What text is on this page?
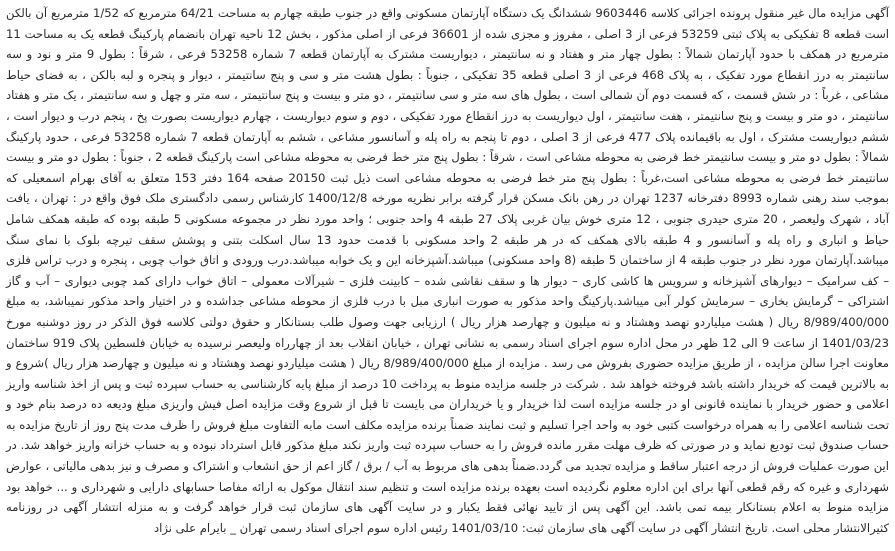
آگهی مزایده مال غیر منقول پرونده اجرائی کلاسه 9603446 ششدانگ یک دستگاه آپارتمان مسکونی واقع در جنوب طبقه چهارم به مساحت 64/21 مترمربع که 1/52 مترمربع آن بالکن است قطعه 8 تفکیکی به پلاک ثبتی 53259 فرعی از 3 اصلی ، مفروز و مجزی شده از 36601 فرعی از اصلی مذکور ، بخش 12 ناحیه تهران بانضمام پارکینگ قطعه یک به مساحت 11 مترمربع در همکف با حدود آپارتمان شمالاً : بطول چهار متر و هفتاد و نه سانتیمتر ، دیواریست مشترک به آپارتمان قطعه 7 شماره 53258 فرعی ، شرقاً : بطول 9 متر و نود و سه سانتیمتر به درز انقطاع مورد تفکیک ، به پلاک 468 فرعی از 3 اصلی قطعه 35 تفکیکی ، جنوباً : بطول هشت متر و سی و پنج سانتیمتر ، دیوار و پنجره و لبه بالکن ، به فضای حیاط مشاعی ، غرباً : در شش قسمت ، که قسمت دوم آن شمالی است ، بطول های سه متر و سی سانتیمتر ، دو متر و بیست و پنج سانتیمتر ، سه متر و چهل و سه سانتیمتر ، یک متر و هفتاد سانتیمتر ، دو متر و بیست و پنج سانتیمتر ، هفت سانتیمتر ، اول دیواریست به درز انقطاع مورد تفکیکی ، دوم و سوم دیواریست ، چهارم دیواریست بصورت پخ ، پنجم درب و دیوار است ، ششم دیواریست مشترک ، اول به باقیمانده پلاک 477 فرعی از 3 اصلی ، دوم تا پنجم به راه پله و آسانسور مشاعی ، ششم به آپارتمان قطعه 7 شماره 53258 فرعی ، حدود پارکینگ شمالاً : بطول دو متر و بیست سانتیمتر خط فرضی به محوطه مشاعی است ، شرقاً : بطول پنج متر خط فرضی به محوطه مشاعی است پارکینگ قطعه 2 ، جنوباً : بطول دو متر و بیست سانتیمتر خط فرضی به محوطه مشاعی است،غرباً : بطول پنج متر خط فرضی به محوطه مشاعی است ذیل ثبت 20150 صفحه 164 دفتر 153 متعلق به آقای بهرام اسمعیلی که بموجب سند رهنی شماره 8993 دفترخانه 1237 تهران در رهن بانک مسکن قرار گرفته برابر نظریه مورخه 1400/12/8 کارشناس رسمی دادگستری ملک فوق واقع در : تهران ، یافت آباد ، شهرک ولیعصر ، 20 متری حیدری جنوبی ، 12 متری خوش بیان غربی پلاک 27 طبقه 4 واحد جنوبی ؛ واحد مورد نظر در مجموعه مسکونی 5 طبقه بوده که طبقه همکف شامل حیاط و انباری و راه پله و آسانسور و 4 طبقه بالای همکف که در هر طبقه 2 واحد مسکونی با قدمت حدود 13 سال اسکلت بتنی و پوشش سقف تیرچه بلوک با نمای سنگ میباشد.آپارتمان مورد نظر در جنوب طبقه 4 از ساختمان 5 طبقه (8 واحد مسکونی) میباشد.آشپزخانه این و یک خوابه میباشد.درب ورودی و اتاق خواب چوبی ، پنجره و درب تراس فلزی – کف سرامیک – دیوارهای آشپزخانه و سرویس ها کاشی کاری – دیوار ها و سقف نقاشی شده – کابینت فلزی – شیرآلات معمولی – اتاق خواب دارای کمد چوبی دیواری – آب و گاز اشتراکی – گرمایش بخاری – سرمایش کولر آبی میباشد.پارکینگ واحد مذکور به صورت انباری مبل با درب فلزی از محوطه مشاعی جداشده و در اختیار واحد مذکور نمیباشد، به مبلغ 8/989/400/000 ریال ( هشت میلیاردو نهصد وهشتاد و نه میلیون و چهارصد هزار ریال ) ارزیابی جهت وصول طلب بستانکار و حقوق دولتی کلاسه فوق الذکر در روز دوشنبه مورخ 1401/03/23 از ساعت 9 الی 12 ظهر در محل اداره سوم اجرای اسناد رسمی به نشانی تهران ، خیابان انقلاب بعد از چهارراه ولیعصر نرسیده به خیابان فلسطین پلاک 919 ساختمان معاونت اجرا سالن مزایده ، از طریق مزایده حضوری بفروش می رسد . مزایده از مبلغ 8/989/400/000 ریال ( هشت میلیاردو نهصد وهشتاد و نه میلیون و چهارصد هزار ریال )شروع و به بالاترین قیمت که خریدار داشته باشد فروخته خواهد شد . شرکت در جلسه مزایده منوط به پرداخت 10 درصد از مبلغ پایه کارشناسی به حساب سپرده ثبت و پس از اخذ شناسه واریز اعلامی و حضور خریدار با نماینده قانونی او در جلسه مزایده است لذا خریدار و یا خریداران می بایست تا قبل از شروع وقت مزایده اصل فیش واریزی مبلغ ودیعه ده درصد بنام خود و تحت شناسه اعلامی را به همراه درخواست کتبی خود به واحد اجرا تسلیم و ثبت نمایند ضمناً برنده مزایده مکلف است مابه التفاوت مبلغ فروش را ظرف مدت پنج روز از تاریخ مزایده به حساب صندوق ثبت تودیع نماید و در صورتی که ظرف مهلت مقرر مانده فروش را به حساب سپرده ثبت واریز نکند مبلغ مذکور قابل استرداد نبوده و به حساب خزانه واریز خواهد شد. در این صورت عملیات فروش از درجه اعتبار ساقط و مزایده تجدید می گردد.ضمناً بدهی های مربوط به آب / برق / گاز اعم از حق انشعاب و اشتراک و مصرف و نیز بدهی مالیاتی ، عوارض شهرداری و غیره که رقم قطعی آنها برای این اداره معلوم نگردیده است بعهده برنده مزایده است و تنظیم سند انتقال موکول به ارائه مفاصا حسابهای دارایی و شهرداری و ... خواهد بود مزایده منوط به اعلام بستانکار بیمه نمی باشد. این آگهی پس از تایید نهائی فقط یکبار و در سایت آگهی های سازمان ثبت قرار خواهد گرفت و به منزله انتشار آگهی در روزنامه کثیرالانتشار محلی است. تاریخ انتشار آگهی در سایت آگهی های سازمان ثبت: 1401/03/10 رئیس اداره سوم اجرای اسناد رسمی تهران _ بایرام علی نژاد
